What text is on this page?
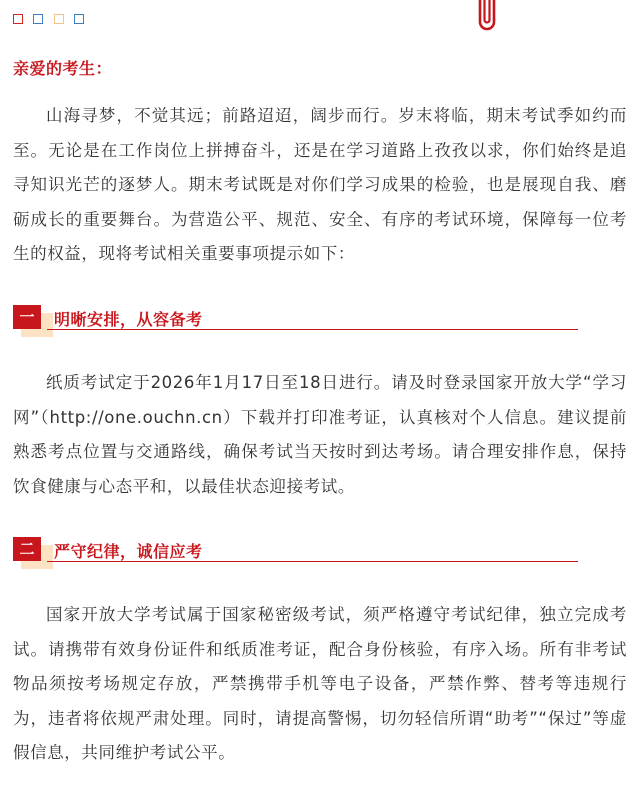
亲爱的考生：

山海寻梦，不觉其远；前路迢迢，阔步而行。岁末将临，期末考试季如约而至。无论是在工作岗位上拼搏奋斗，还是在学习道路上孜孜以求，你们始终是追寻知识光芒的逐梦人。期末考试既是对你们学习成果的检验，也是展现自我、磨砺成长的重要舞台。为营造公平、规范、安全、有序的考试环境，保障每一位考生的权益，现将考试相关重要事项提示如下：

一	明晰安排，从容备考

纸质考试定于2026年1月17日至18日进行。请及时登录国家开放大学“学习网”（http://one.ouchn.cn）下载并打印准考证，认真核对个人信息。建议提前熟悉考点位置与交通路线，确保考试当天按时到达考场。请合理安排作息，保持饮食健康与心态平和，以最佳状态迎接考试。

二	严守纪律，诚信应考

国家开放大学考试属于国家秘密级考试，须严格遵守考试纪律，独立完成考试。请携带有效身份证件和纸质准考证，配合身份核验，有序入场。所有非考试物品须按考场规定存放，严禁携带手机等电子设备，严禁作弊、替考等违规行为，违者将依规严肃处理。同时，请提高警惕，切勿轻信所谓“助考”“保过”等虚假信息，共同维护考试公平。
